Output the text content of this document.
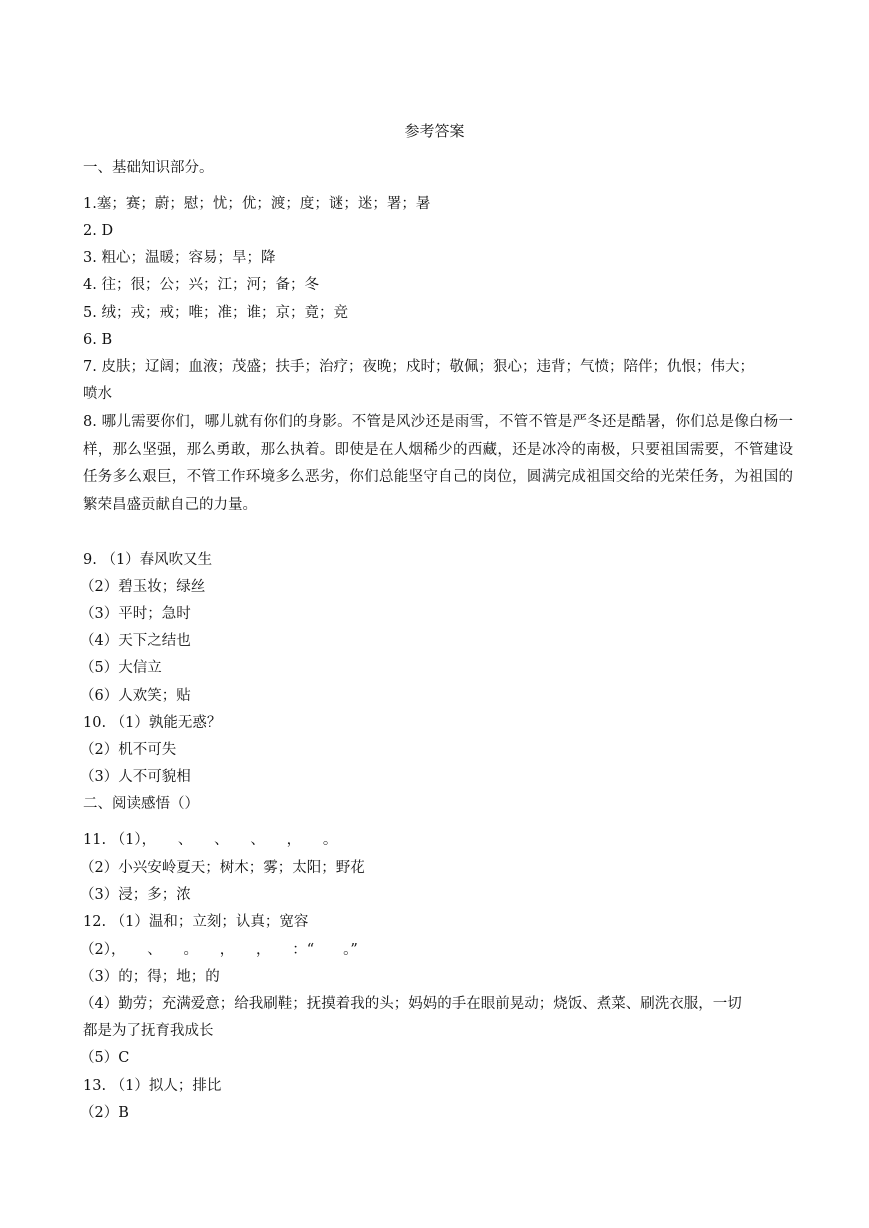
参考答案
一、基础知识部分。
1.塞；赛；蔚；慰；忧；优；渡；度；谜；迷；署；暑
2. D
3. 粗心；温暖；容易；旱；降
4. 往；很；公；兴；江；河；备；冬
5. 绒；戎；戒；唯；准；谁；京；竟；竞
6. B
7. 皮肤；辽阔；血液；茂盛；扶手；治疗；夜晚；戍时；敬佩；狠心；违背；气愤；陪伴；仇恨；伟大；
喷水
8. 哪儿需要你们，哪儿就有你们的身影。不管是风沙还是雨雪，不管不管是严冬还是酷暑，你们总是像白杨一样，那么坚强，那么勇敢，那么执着。即使是在人烟稀少的西藏，还是冰冷的南极，只要祖国需要，不管建设任务多么艰巨，不管工作环境多么恶劣，你们总能坚守自己的岗位，圆满完成祖国交给的光荣任务，为祖国的繁荣昌盛贡献自己的力量。
9. （1）春风吹又生
（2）碧玉妆；绿丝
（3）平时；急时
（4）天下之结也
（5）大信立
（6）人欢笑；贴
10. （1）孰能无惑？
（2）机不可失
（3）人不可貌相
二、阅读感悟（）
11. （1），　　、　　、　　、　　，　　。
（2）小兴安岭夏天；树木；雾；太阳；野花
（3）浸；多；浓
12. （1）温和；立刻；认真；宽容
（2），　　、　　。　　，　　，　　：“　　。”
（3）的；得；地；的
（4）勤劳；充满爱意；给我刷鞋；抚摸着我的头；妈妈的手在眼前晃动；烧饭、煮菜、刷洗衣服，一切
都是为了抚育我成长
（5）C
13. （1）拟人；排比
（2）B
